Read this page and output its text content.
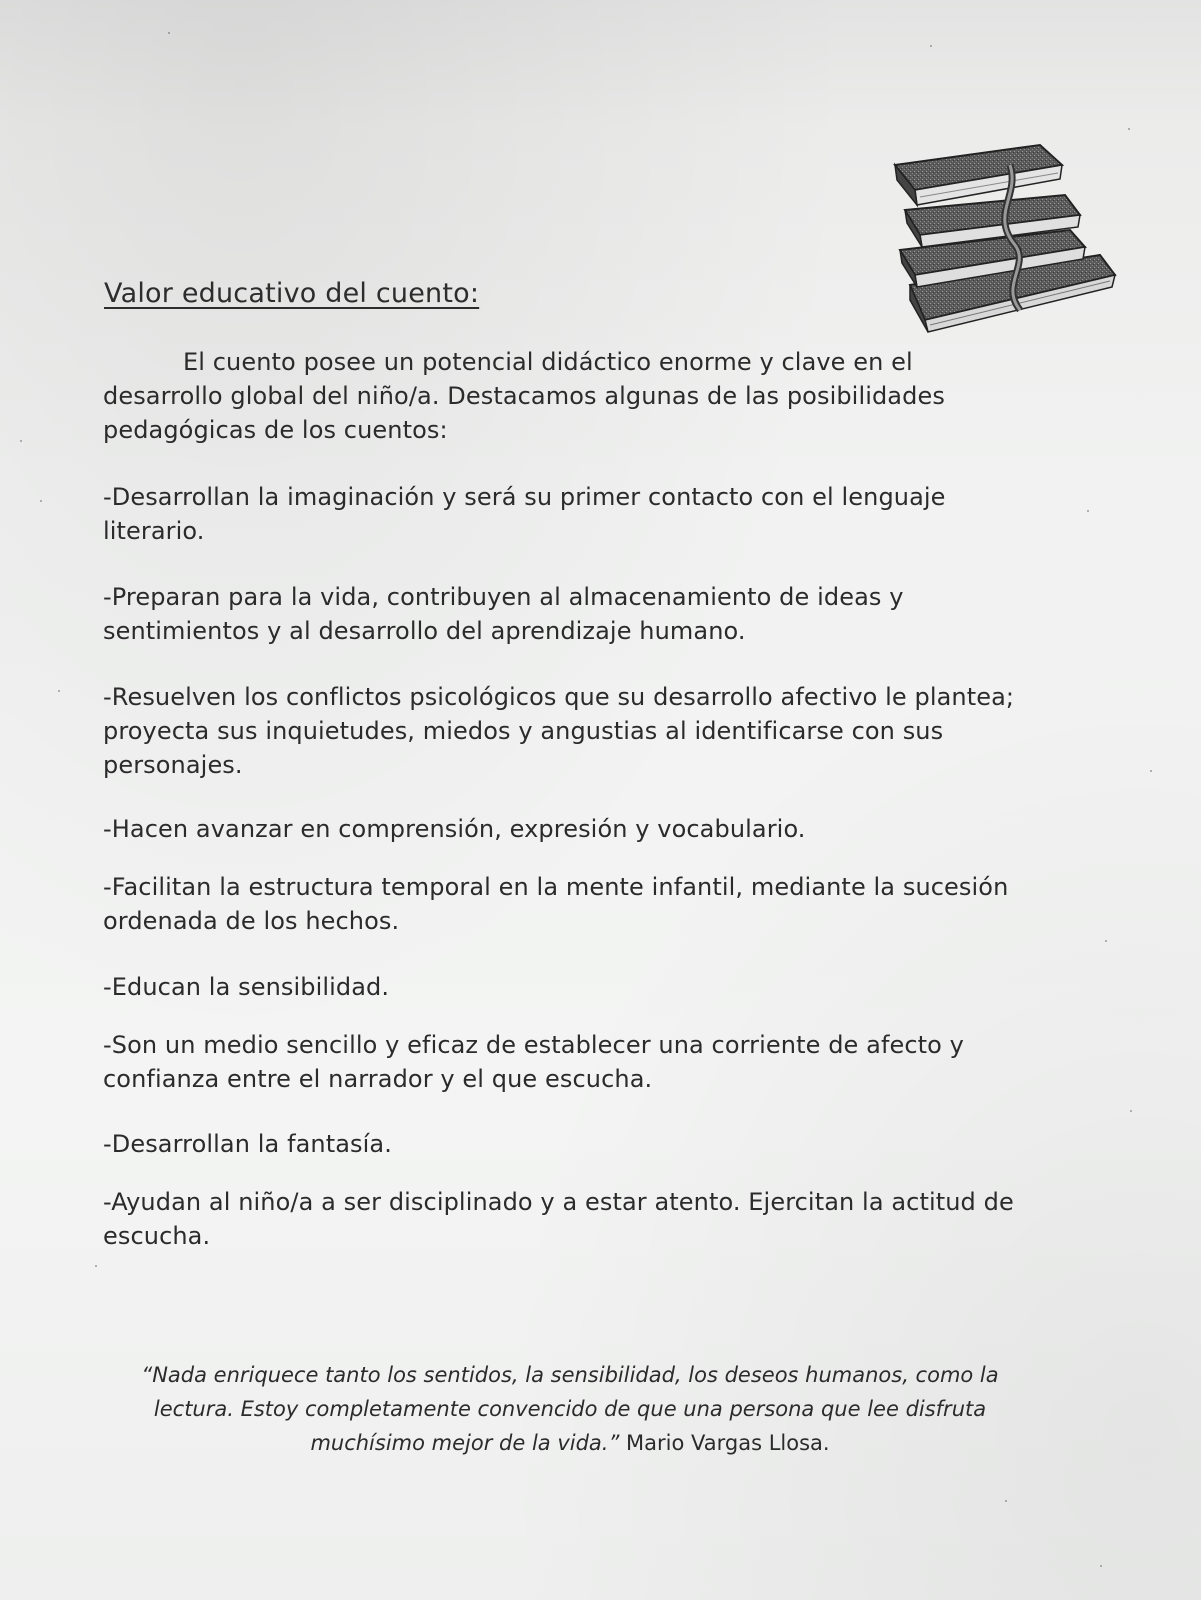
Valor educativo del cuento:
El cuento posee un potencial didáctico enorme y clave en el desarrollo global del niño/a. Destacamos algunas de las posibilidades pedagógicas de los cuentos:
-Desarrollan la imaginación y será su primer contacto con el lenguaje literario.
-Preparan para la vida, contribuyen al almacenamiento de ideas y sentimientos y al desarrollo del aprendizaje humano.
-Resuelven los conflictos psicológicos que su desarrollo afectivo le plantea; proyecta sus inquietudes, miedos y angustias al identificarse con sus personajes.
-Hacen avanzar en comprensión, expresión y vocabulario.
-Facilitan la estructura temporal en la mente infantil, mediante la sucesión ordenada de los hechos.
-Educan la sensibilidad.
-Son un medio sencillo y eficaz de establecer una corriente de afecto y confianza entre el narrador y el que escucha.
-Desarrollan la fantasía.
-Ayudan al niño/a a ser disciplinado y a estar atento. Ejercitan la actitud de escucha.
“Nada enriquece tanto los sentidos, la sensibilidad, los deseos humanos, como la lectura. Estoy completamente convencido de que una persona que lee disfruta muchísimo mejor de la vida.” Mario Vargas Llosa.
